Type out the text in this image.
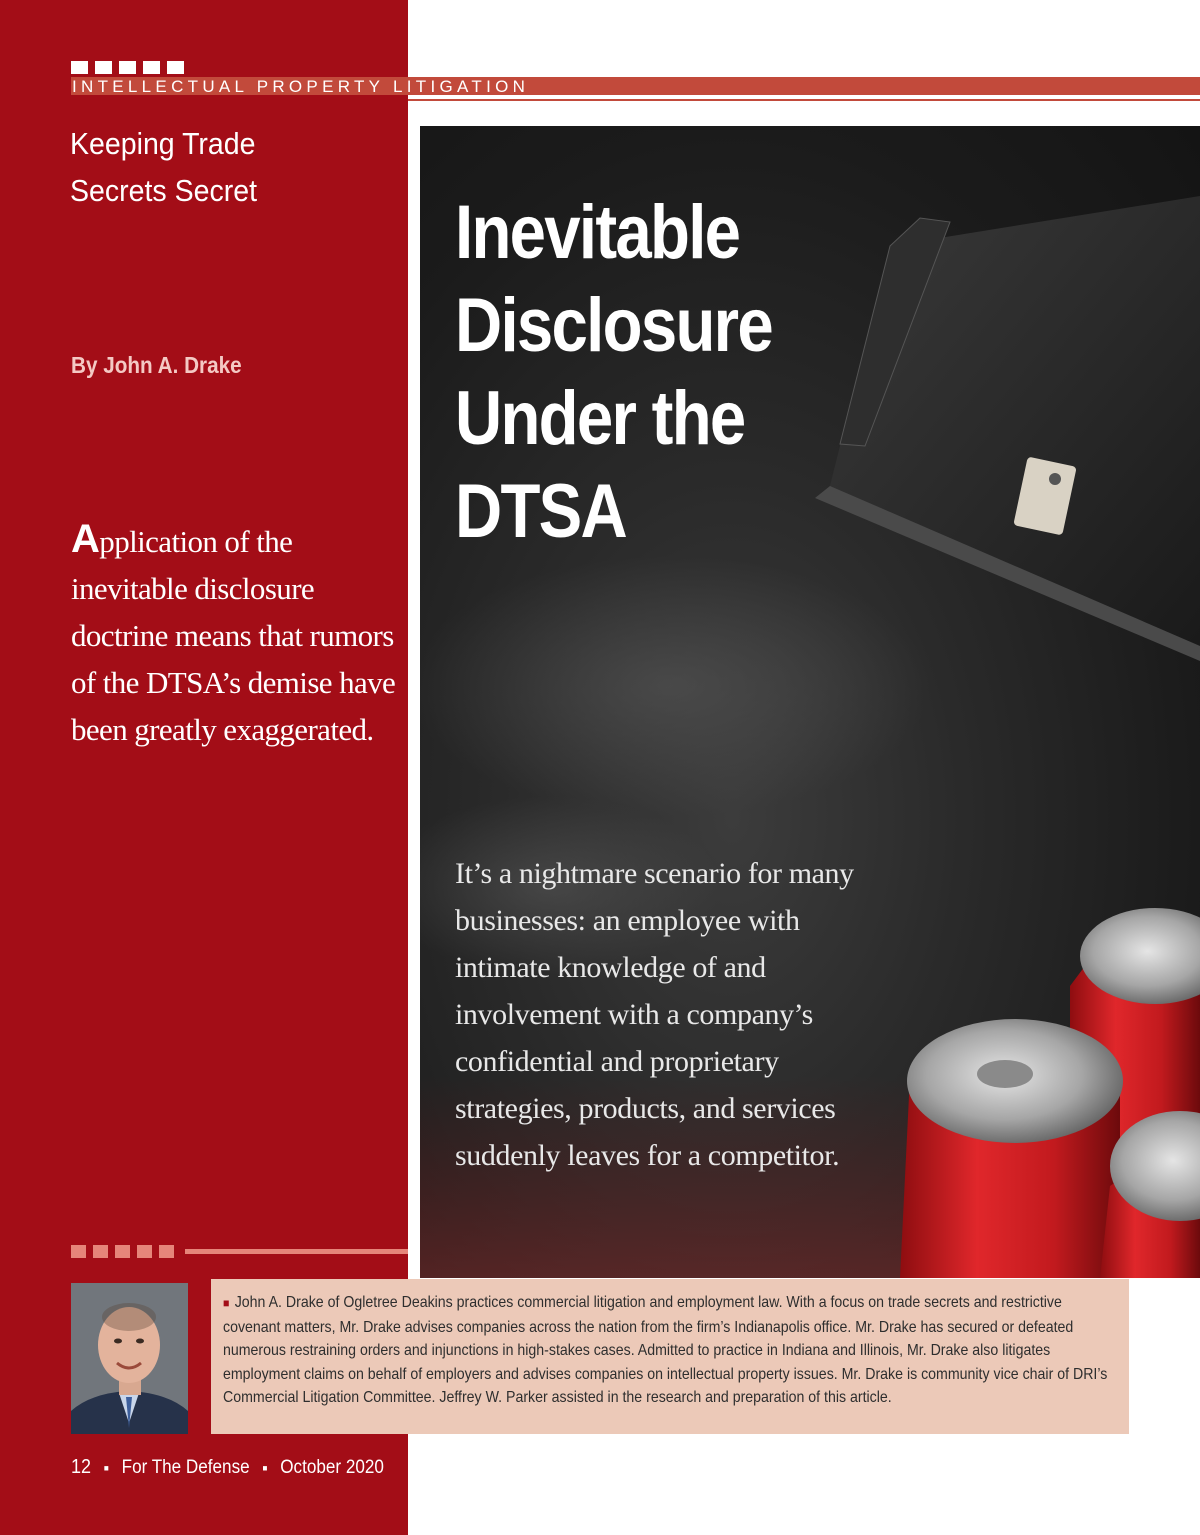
INTELLECTUAL PROPERTY LITIGATION
Keeping Trade
Secrets Secret
By John A. Drake
Application of the inevitable disclosure doctrine means that rumors of the DTSA’s demise have been greatly exaggerated.
Inevitable
Disclosure
Under the
DTSA
It’s a nightmare scenario for many businesses: an employee with intimate knowledge of and involvement with a company’s confidential and proprietary strategies, products, and services suddenly leaves for a competitor.
■ John A. Drake of Ogletree Deakins practices commercial litigation and employment law. With a focus on trade secrets and restrictive covenant matters, Mr. Drake advises companies across the nation from the firm’s Indianapolis office. Mr. Drake has secured or defeated numerous restraining orders and injunctions in high-stakes cases. Admitted to practice in Indiana and Illinois, Mr. Drake also litigates employment claims on behalf of employers and advises companies on intellectual property issues. Mr. Drake is community vice chair of DRI’s Commercial Litigation Committee. Jeffrey W. Parker assisted in the research and preparation of this article.
12 ■ For The Defense ■ October 2020
